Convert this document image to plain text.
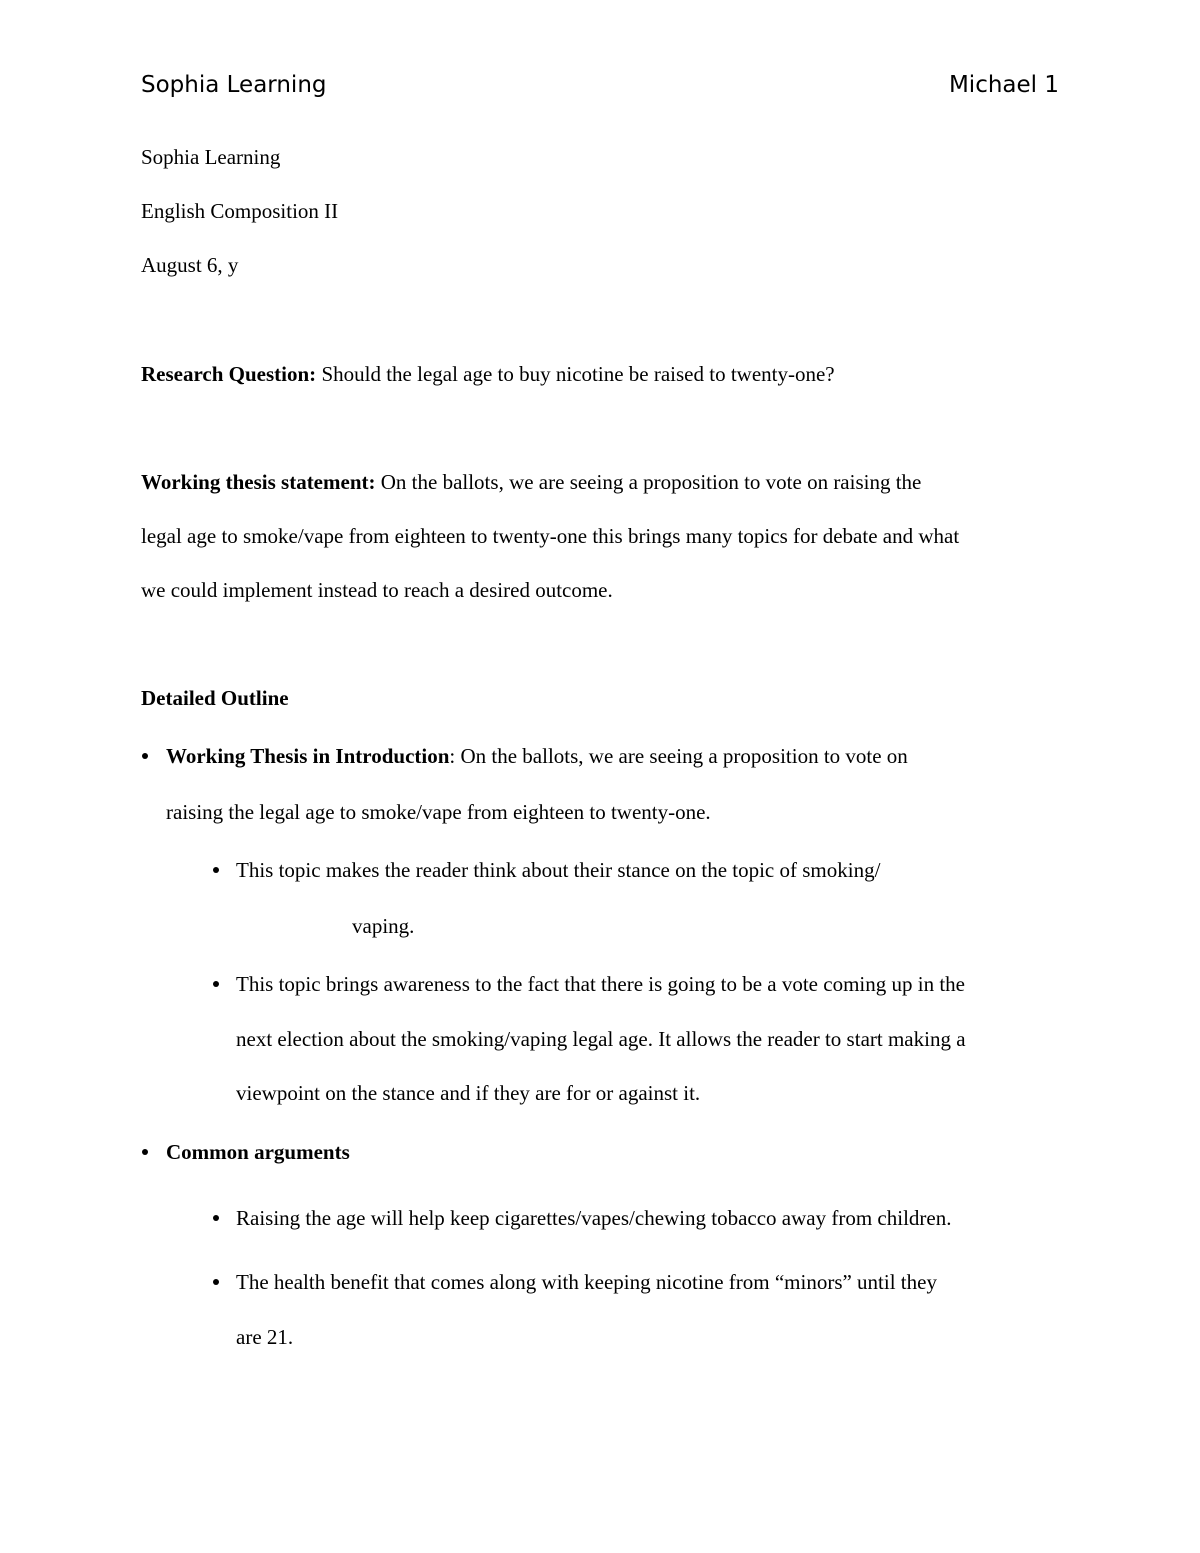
Sophia Learning	Michael 1
Sophia Learning
English Composition II
August 6, y
Research Question: Should the legal age to buy nicotine be raised to twenty-one?
Working thesis statement: On the ballots, we are seeing a proposition to vote on raising the
legal age to smoke/vape from eighteen to twenty-one this brings many topics for debate and what
we could implement instead to reach a desired outcome.
Detailed Outline
Working Thesis in Introduction: On the ballots, we are seeing a proposition to vote on
raising the legal age to smoke/vape from eighteen to twenty-one.
This topic makes the reader think about their stance on the topic of smoking/
vaping.
This topic brings awareness to the fact that there is going to be a vote coming up in the
next election about the smoking/vaping legal age. It allows the reader to start making a
viewpoint on the stance and if they are for or against it.
Common arguments
Raising the age will help keep cigarettes/vapes/chewing tobacco away from children.
The health benefit that comes along with keeping nicotine from “minors” until they
are 21.
